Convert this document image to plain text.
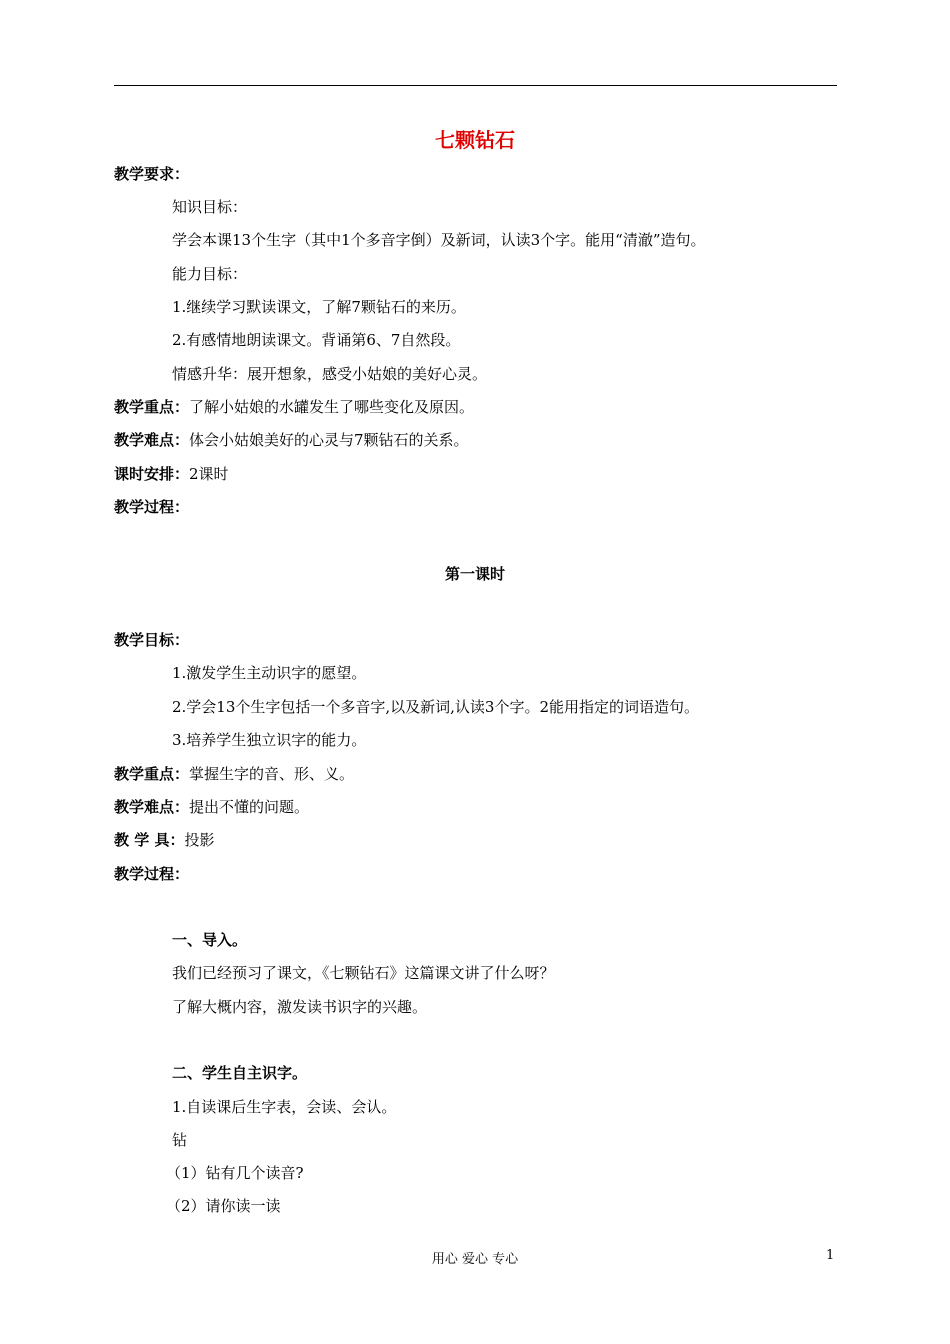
七颗钻石
教学要求：
知识目标：
学会本课13个生字（其中1个多音字倒）及新词，认读3个字。能用“清澈”造句。
能力目标：
1.继续学习默读课文，了解7颗钻石的来历。
2.有感情地朗读课文。背诵第6、7自然段。
情感升华：展开想象，感受小姑娘的美好心灵。
教学重点：了解小姑娘的水罐发生了哪些变化及原因。
教学难点：体会小姑娘美好的心灵与7颗钻石的关系。
课时安排：2课时
教学过程：
第一课时
教学目标：
1.激发学生主动识字的愿望。
2.学会13个生字包括一个多音字,以及新词,认读3个字。2能用指定的词语造句。
3.培养学生独立识字的能力。
教学重点：掌握生字的音、形、义。
教学难点：提出不懂的问题。
教 学 具：投影
教学过程：
一、导入。
我们已经预习了课文，《七颗钻石》这篇课文讲了什么呀？
了解大概内容，激发读书识字的兴趣。
二、学生自主识字。
1.自读课后生字表，会读、会认。
钻
（1）钻有几个读音?
（2）请你读一读
用心 爱心 专心	1
